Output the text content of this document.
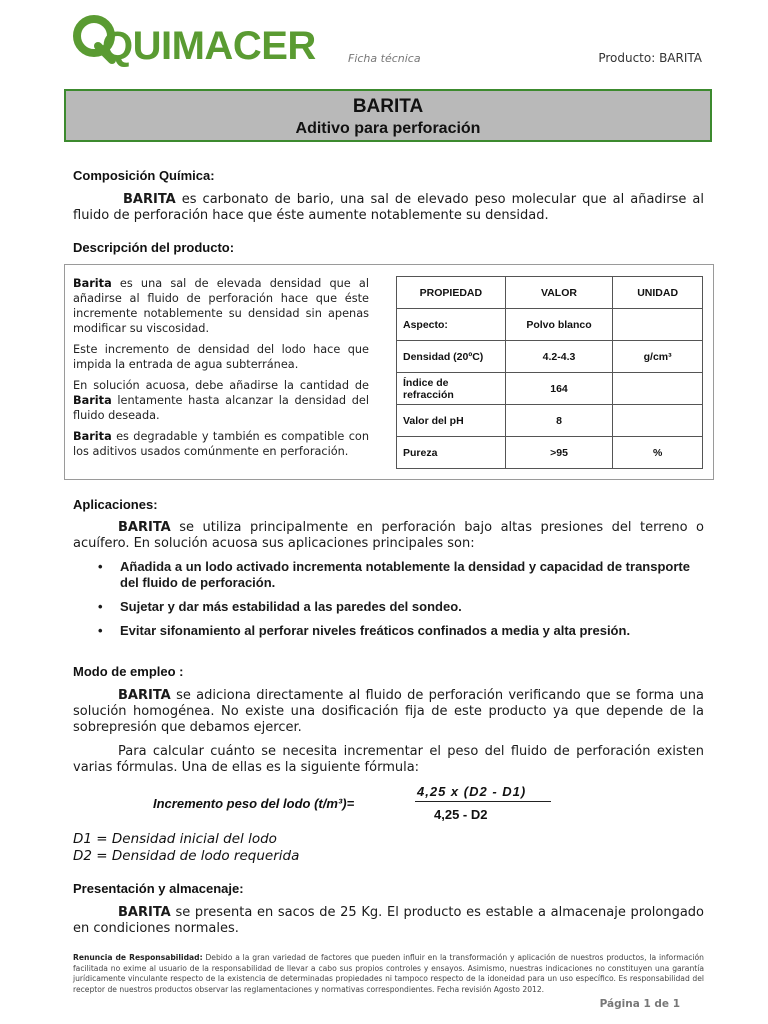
QUIMACER	Ficha técnica	Producto: BARITA
BARITA
Aditivo para perforación
Composición Química:
BARITA es carbonato de bario, una sal de elevado peso molecular que al añadirse al fluido de perforación hace que éste aumente notablemente su densidad.
Descripción del producto:

Barita es una sal de elevada densidad que al añadirse al fluido de perforación hace que éste incremente notablemente su densidad sin apenas modificar su viscosidad.

Este incremento de densidad del lodo hace que impida la entrada de agua subterránea.

En solución acuosa, debe añadirse la cantidad de Barita lentamente hasta alcanzar la densidad del fluido deseada.

Barita es degradable y también es compatible con los aditivos usados comúnmente en perforación.

PROPIEDAD	VALOR	UNIDAD
Aspecto:	Polvo blanco	
Densidad (20ºC)	4.2-4.3	g/cm³
Índice de refracción	164	
Valor del pH	8	
Pureza	>95	%
Aplicaciones:
BARITA se utiliza principalmente en perforación bajo altas presiones del terreno o acuífero. En solución acuosa sus aplicaciones principales son:
• Añadida a un lodo activado incrementa notablemente la densidad y capacidad de transporte del fluido de perforación.
• Sujetar y dar más estabilidad a las paredes del sondeo.
• Evitar sifonamiento al perforar niveles freáticos confinados a media y alta presión.
Modo de empleo :
BARITA se adiciona directamente al fluido de perforación verificando que se forma una solución homogénea. No existe una dosificación fija de este producto ya que depende de la sobrepresión que debamos ejercer.
Para calcular cuánto se necesita incrementar el peso del fluido de perforación existen varias fórmulas. Una de ellas es la siguiente fórmula:
Incremento peso del lodo (t/m³)=
4,25 x (D2 - D1)
4,25 - D2
D1 = Densidad inicial del lodo
D2 = Densidad de lodo requerida
Presentación y almacenaje:
BARITA se presenta en sacos de 25 Kg. El producto es estable a almacenaje prolongado en condiciones normales.
Renuncia de Responsabilidad: Debido a la gran variedad de factores que pueden influir en la transformación y aplicación de nuestros productos, la información facilitada no exime al usuario de la responsabilidad de llevar a cabo sus propios controles y ensayos. Asimismo, nuestras indicaciones no constituyen una garantía jurídicamente vinculante respecto de la existencia de determinadas propiedades ni tampoco respecto de la idoneidad para un uso específico. Es responsabilidad del receptor de nuestros productos observar las reglamentaciones y normativas correspondientes. Fecha revisión Agosto 2012.
Página 1 de 1
